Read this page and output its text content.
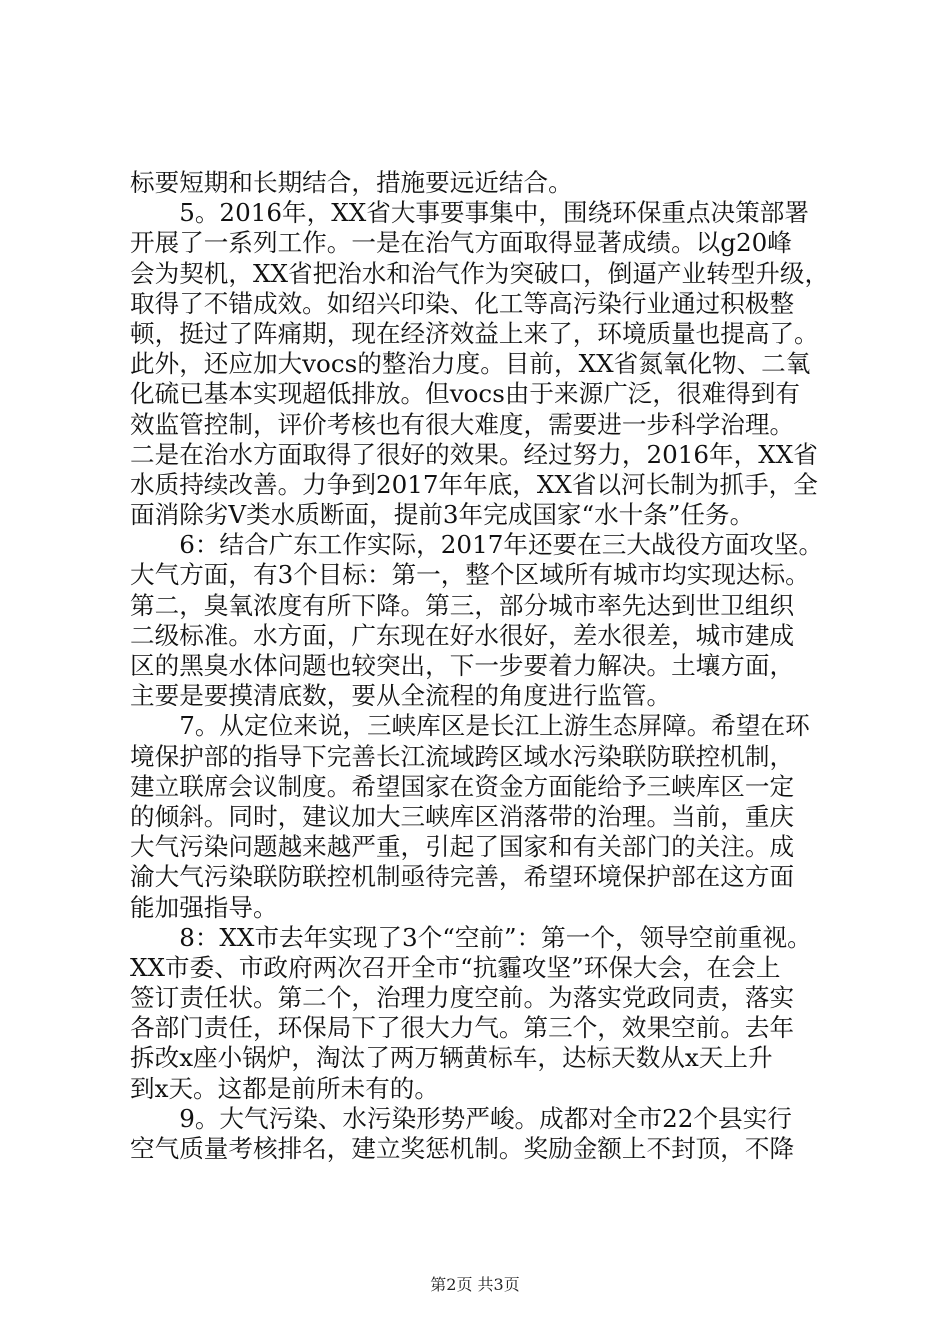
标要短期和长期结合，措施要远近结合。
　　5。2016年，XX省大事要事集中，围绕环保重点决策部署
开展了一系列工作。一是在治气方面取得显著成绩。以g20峰
会为契机，XX省把治水和治气作为突破口，倒逼产业转型升级，
取得了不错成效。如绍兴印染、化工等高污染行业通过积极整
顿，挺过了阵痛期，现在经济效益上来了，环境质量也提高了。
此外，还应加大vocs的整治力度。目前，XX省氮氧化物、二氧
化硫已基本实现超低排放。但vocs由于来源广泛，很难得到有
效监管控制，评价考核也有很大难度，需要进一步科学治理。
二是在治水方面取得了很好的效果。经过努力，2016年，XX省
水质持续改善。力争到2017年年底，XX省以河长制为抓手，全
面消除劣Ⅴ类水质断面，提前3年完成国家“水十条”任务。
　　6：结合广东工作实际，2017年还要在三大战役方面攻坚。
大气方面，有3个目标：第一，整个区域所有城市均实现达标。
第二，臭氧浓度有所下降。第三，部分城市率先达到世卫组织
二级标准。水方面，广东现在好水很好，差水很差，城市建成
区的黑臭水体问题也较突出，下一步要着力解决。土壤方面，
主要是要摸清底数，要从全流程的角度进行监管。
　　7。从定位来说，三峡库区是长江上游生态屏障。希望在环
境保护部的指导下完善长江流域跨区域水污染联防联控机制，
建立联席会议制度。希望国家在资金方面能给予三峡库区一定
的倾斜。同时，建议加大三峡库区消落带的治理。当前，重庆
大气污染问题越来越严重，引起了国家和有关部门的关注。成
渝大气污染联防联控机制亟待完善，希望环境保护部在这方面
能加强指导。
　　8：XX市去年实现了3个“空前”：第一个，领导空前重视。
XX市委、市政府两次召开全市“抗霾攻坚”环保大会，在会上
签订责任状。第二个，治理力度空前。为落实党政同责，落实
各部门责任，环保局下了很大力气。第三个，效果空前。去年
拆改x座小锅炉，淘汰了两万辆黄标车，达标天数从x天上升
到x天。这都是前所未有的。
　　9。大气污染、水污染形势严峻。成都对全市22个县实行
空气质量考核排名，建立奖惩机制。奖励金额上不封顶，不降
第2页 共3页
